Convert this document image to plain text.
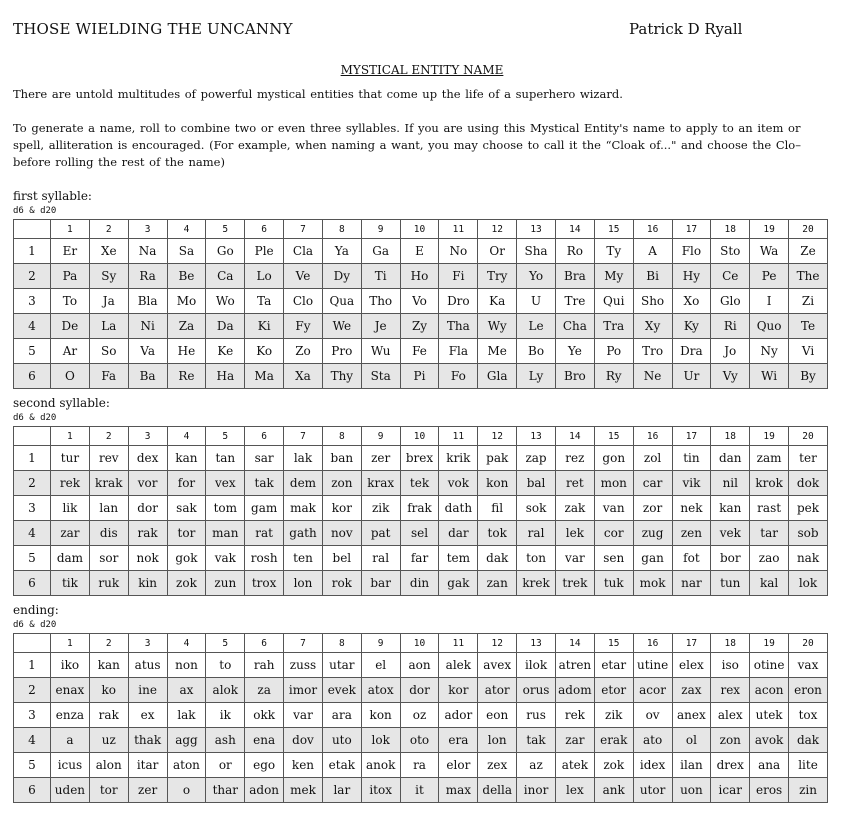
THOSE WIELDING THE UNCANNY	Patrick D Ryall
MYSTICAL ENTITY NAME
There are untold multitudes of powerful mystical entities that come up the life of a superhero wizard.
To generate a name, roll to combine two or even three syllables. If you are using this Mystical Entity's name to apply to an item or spell, alliteration is encouraged. (For example, when naming a want, you may choose to call it the “Cloak of..." and choose the Clo– before rolling the rest of the name)
first syllable:
d6 & d20
	1	2	3	4	5	6	7	8	9	10	11	12	13	14	15	16	17	18	19	20
1	Er	Xe	Na	Sa	Go	Ple	Cla	Ya	Ga	E	No	Or	Sha	Ro	Ty	A	Flo	Sto	Wa	Ze
2	Pa	Sy	Ra	Be	Ca	Lo	Ve	Dy	Ti	Ho	Fi	Try	Yo	Bra	My	Bi	Hy	Ce	Pe	The
3	To	Ja	Bla	Mo	Wo	Ta	Clo	Qua	Tho	Vo	Dro	Ka	U	Tre	Qui	Sho	Xo	Glo	I	Zi
4	De	La	Ni	Za	Da	Ki	Fy	We	Je	Zy	Tha	Wy	Le	Cha	Tra	Xy	Ky	Ri	Quo	Te
5	Ar	So	Va	He	Ke	Ko	Zo	Pro	Wu	Fe	Fla	Me	Bo	Ye	Po	Tro	Dra	Jo	Ny	Vi
6	O	Fa	Ba	Re	Ha	Ma	Xa	Thy	Sta	Pi	Fo	Gla	Ly	Bro	Ry	Ne	Ur	Vy	Wi	By
second syllable:
d6 & d20
	1	2	3	4	5	6	7	8	9	10	11	12	13	14	15	16	17	18	19	20
1	tur	rev	dex	kan	tan	sar	lak	ban	zer	brex	krik	pak	zap	rez	gon	zol	tin	dan	zam	ter
2	rek	krak	vor	for	vex	tak	dem	zon	krax	tek	vok	kon	bal	ret	mon	car	vik	nil	krok	dok
3	lik	lan	dor	sak	tom	gam	mak	kor	zik	frak	dath	fil	sok	zak	van	zor	nek	kan	rast	pek
4	zar	dis	rak	tor	man	rat	gath	nov	pat	sel	dar	tok	ral	lek	cor	zug	zen	vek	tar	sob
5	dam	sor	nok	gok	vak	rosh	ten	bel	ral	far	tem	dak	ton	var	sen	gan	fot	bor	zao	nak
6	tik	ruk	kin	zok	zun	trox	lon	rok	bar	din	gak	zan	krek	trek	tuk	mok	nar	tun	kal	lok
ending:
d6 & d20
	1	2	3	4	5	6	7	8	9	10	11	12	13	14	15	16	17	18	19	20
1	iko	kan	atus	non	to	rah	zuss	utar	el	aon	alek	avex	ilok	atren	etar	utine	elex	iso	otine	vax
2	enax	ko	ine	ax	alok	za	imor	evek	atox	dor	kor	ator	orus	adom	etor	acor	zax	rex	acon	eron
3	enza	rak	ex	lak	ik	okk	var	ara	kon	oz	ador	eon	rus	rek	zik	ov	anex	alex	utek	tox
4	a	uz	thak	agg	ash	ena	dov	uto	lok	oto	era	lon	tak	zar	erak	ato	ol	zon	avok	dak
5	icus	alon	itar	aton	or	ego	ken	etak	anok	ra	elor	zex	az	atek	zok	idex	ilan	drex	ana	lite
6	uden	tor	zer	o	thar	adon	mek	lar	itox	it	max	della	inor	lex	ank	utor	uon	icar	eros	zin
